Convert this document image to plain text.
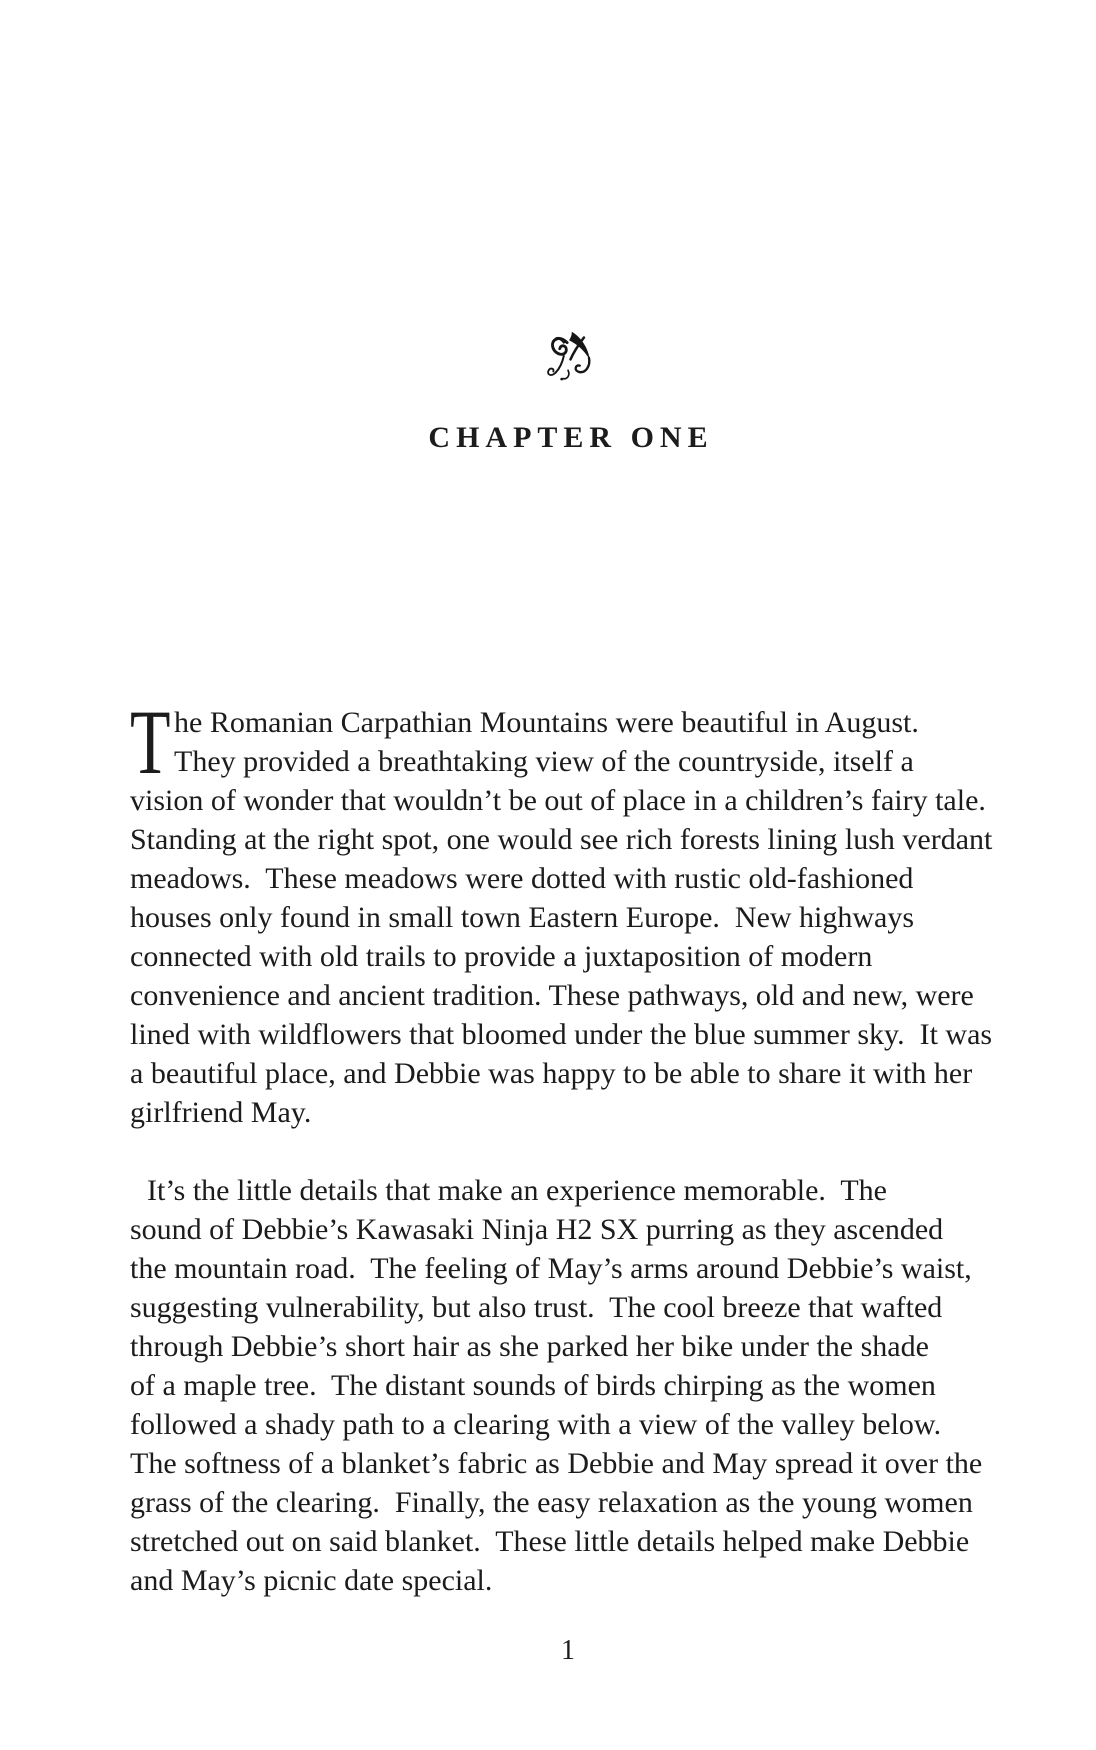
CHAPTER ONE
T he Romanian Carpathian Mountains were beautiful in August.
They provided a breathtaking view of the countryside, itself a
vision of wonder that wouldn’t be out of place in a children’s fairy tale.
Standing at the right spot, one would see rich forests lining lush verdant
meadows.  These meadows were dotted with rustic old-fashioned
houses only found in small town Eastern Europe.  New highways
connected with old trails to provide a juxtaposition of modern
convenience and ancient tradition. These pathways, old and new, were
lined with wildflowers that bloomed under the blue summer sky.  It was
a beautiful place, and Debbie was happy to be able to share it with her
girlfriend May.
It’s the little details that make an experience memorable.  The
sound of Debbie’s Kawasaki Ninja H2 SX purring as they ascended
the mountain road.  The feeling of May’s arms around Debbie’s waist,
suggesting vulnerability, but also trust.  The cool breeze that wafted
through Debbie’s short hair as she parked her bike under the shade
of a maple tree.  The distant sounds of birds chirping as the women
followed a shady path to a clearing with a view of the valley below.
The softness of a blanket’s fabric as Debbie and May spread it over the
grass of the clearing.  Finally, the easy relaxation as the young women
stretched out on said blanket.  These little details helped make Debbie
and May’s picnic date special.
1
